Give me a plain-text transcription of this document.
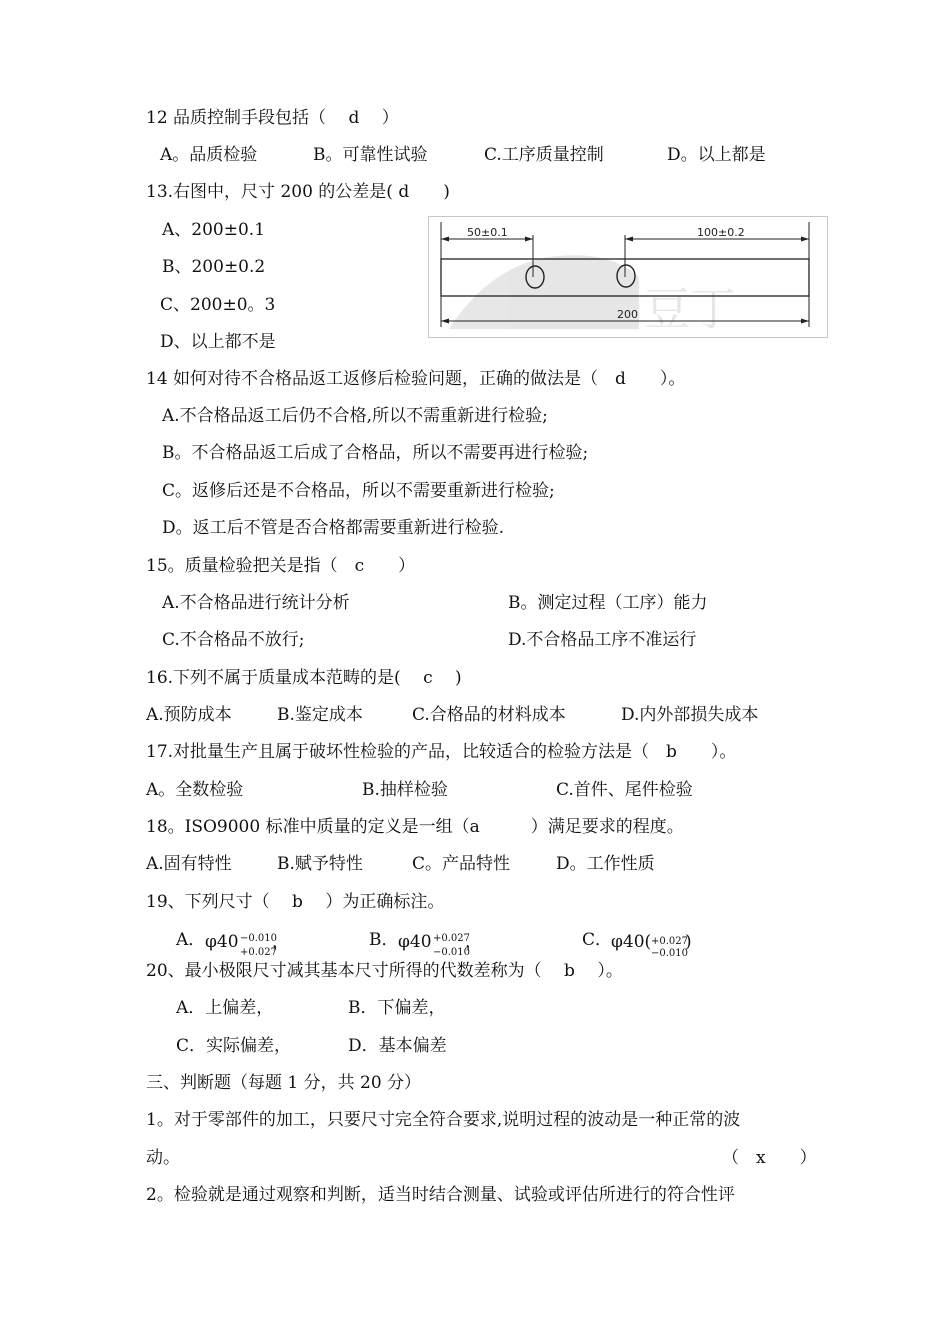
12 品质控制手段包括（　 d　 ）
A。品质检验	B。可靠性试验	C.工序质量控制	D。以上都是
13.右图中，尺寸 200 的公差是( d　　)
A、200±0.1
B、200±0.2
C、200±0。3
D、以上都不是
豆丁
50±0.1	100±0.2
200
14 如何对待不合格品返工返修后检验问题，正确的做法是（　d　　）。
A.不合格品返工后仍不合格,所以不需重新进行检验;
B。不合格品返工后成了合格品，所以不需要再进行检验;
C。返修后还是不合格品，所以不需要重新进行检验;
D。返工后不管是否合格都需要重新进行检验.
15。质量检验把关是指（　c　　）
A.不合格品进行统计分析	B。测定过程（工序）能力
C.不合格品不放行;	D.不合格品工序不准运行
16.下列不属于质量成本范畴的是(　 c　 )
A.预防成本	B.鉴定成本	C.合格品的材料成本	D.内外部损失成本
17.对批量生产且属于破坏性检验的产品，比较适合的检验方法是（　b　　）。
A。全数检验	B.抽样检验	C.首件、尾件检验
18。ISO9000 标准中质量的定义是一组（a　　　）满足要求的程度。
A.固有特性	B.赋予特性	C。产品特性	D。工作性质
19、下列尺寸（　 b　 ）为正确标注。
A． φ40 −0.010
+0.027
，	B． φ40 +0.027
−0.010
，	C．
φ40( +0.027
−0.010
)
20、最小极限尺寸减其基本尺寸所得的代数差称为（　 b　 ）。
A．上偏差，	B．下偏差，
C．实际偏差，	D．基本偏差
三、判断题（每题 1 分，共 20 分）
1。对于零部件的加工，只要尺寸完全符合要求,说明过程的波动是一种正常的波
动。	（　x　　）
2。检验就是通过观察和判断，适当时结合测量、试验或评估所进行的符合性评
